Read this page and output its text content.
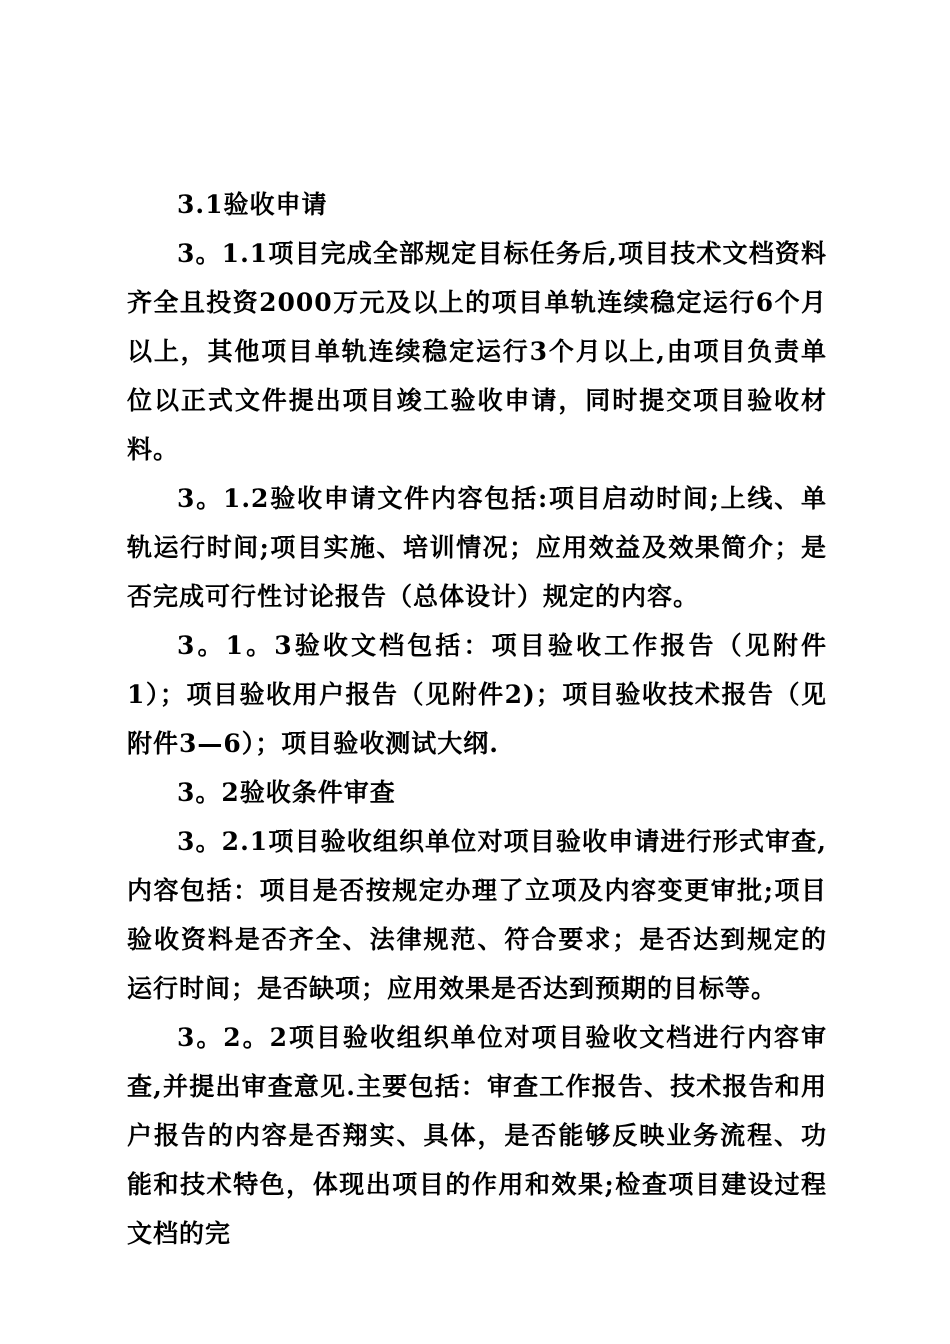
3.1验收申请

3。1.1项目完成全部规定目标任务后,项目技术文档资料齐全且投资2000万元及以上的项目单轨连续稳定运行6个月以上，其他项目单轨连续稳定运行3个月以上,由项目负责单位以正式文件提出项目竣工验收申请，同时提交项目验收材料。

3。1.2验收申请文件内容包括:项目启动时间;上线、单轨运行时间;项目实施、培训情况；应用效益及效果简介；是否完成可行性讨论报告（总体设计）规定的内容。

3。1。3验收文档包括：项目验收工作报告（见附件1）；项目验收用户报告（见附件2)；项目验收技术报告（见附件3—6）；项目验收测试大纲.

3。2验收条件审查

3。2.1项目验收组织单位对项目验收申请进行形式审查,内容包括：项目是否按规定办理了立项及内容变更审批;项目验收资料是否齐全、法律规范、符合要求；是否达到规定的运行时间；是否缺项；应用效果是否达到预期的目标等。

3。2。2项目验收组织单位对项目验收文档进行内容审查,并提出审查意见.主要包括：审查工作报告、技术报告和用户报告的内容是否翔实、具体，是否能够反映业务流程、功能和技术特色，体现出项目的作用和效果;检查项目建设过程文档的完
